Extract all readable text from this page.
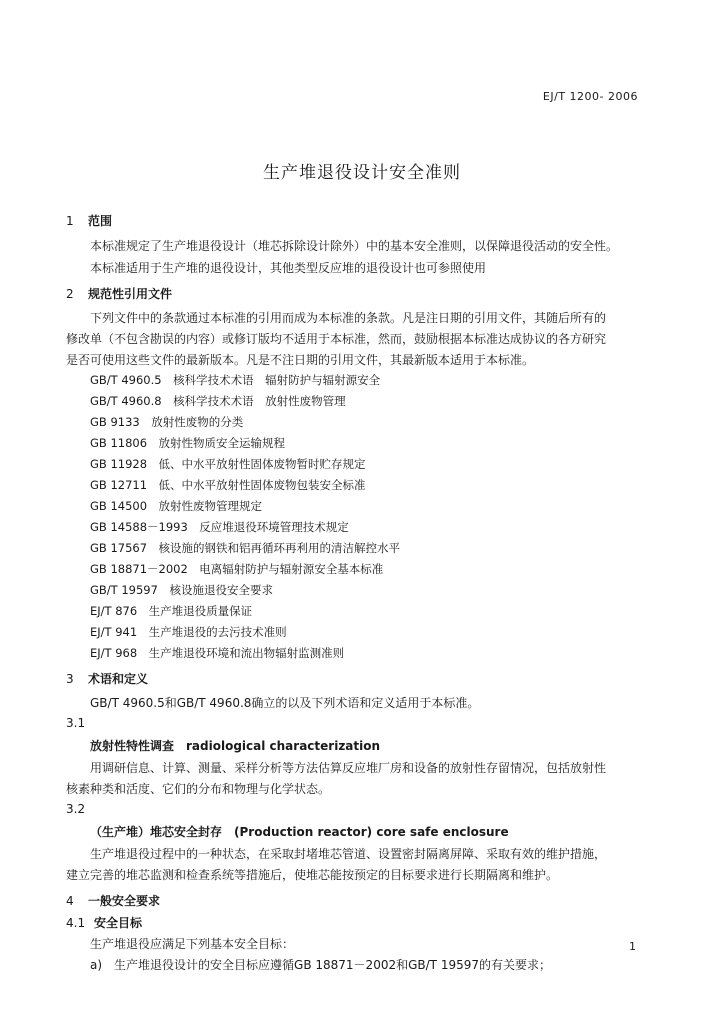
EJ/T 1200- 2006
生产堆退役设计安全准则
1 范围
本标准规定了生产堆退役设计（堆芯拆除设计除外）中的基本安全准则，以保障退役活动的安全性。
本标准适用于生产堆的退役设计，其他类型反应堆的退役设计也可参照使用
2 规范性引用文件
下列文件中的条款通过本标准的引用而成为本标准的条款。凡是注日期的引用文件，其随后所有的
修改单（不包含勘误的内容）或修订版均不适用于本标准，然而，鼓励根据本标准达成协议的各方研究
是否可使用这些文件的最新版本。凡是不注日期的引用文件，其最新版本适用于本标准。
GB/T 4960.5　核科学技术术语　辐射防护与辐射源安全
GB/T 4960.8　核科学技术术语　放射性废物管理
GB 9133　放射性废物的分类
GB 11806　放射性物质安全运输规程
GB 11928　低、中水平放射性固体废物暂时贮存规定
GB 12711　低、中水平放射性固体废物包装安全标准
GB 14500　放射性废物管理规定
GB 14588－1993　反应堆退役环境管理技术规定
GB 17567　核设施的钢铁和铝再循环再利用的清洁解控水平
GB 18871－2002　电离辐射防护与辐射源安全基本标准
GB/T 19597　核设施退役安全要求
EJ/T 876　生产堆退役质量保证
EJ/T 941　生产堆退役的去污技术准则
EJ/T 968　生产堆退役环境和流出物辐射监测准则
3 术语和定义
GB/T 4960.5和GB/T 4960.8确立的以及下列术语和定义适用于本标准。
3.1
放射性特性调查　radiological characterization
用调研信息、计算、测量、采样分析等方法估算反应堆厂房和设备的放射性存留情况，包括放射性
核素种类和活度、它们的分布和物理与化学状态。
3.2
（生产堆）堆芯安全封存　(Production reactor) core safe enclosure
生产堆退役过程中的一种状态，在采取封堵堆芯管道、设置密封隔离屏障、采取有效的维护措施，
建立完善的堆芯监测和检查系统等措施后，使堆芯能按预定的目标要求进行长期隔离和维护。
4 一般安全要求
4.1 安全目标
生产堆退役应满足下列基本安全目标：
a)　生产堆退役设计的安全目标应遵循GB 18871－2002和GB/T 19597的有关要求；
1
